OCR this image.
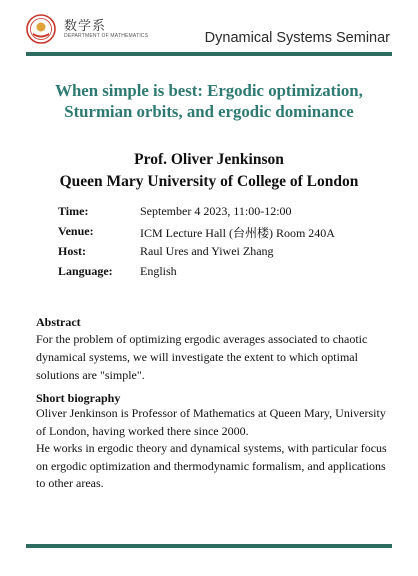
数学系
DEPARTMENT OF MATHEMATICS	Dynamical Systems Seminar
When simple is best: Ergodic optimization,
Sturmian orbits, and ergodic dominance
Prof. Oliver Jenkinson
Queen Mary University of College of London
Time:	September 4 2023, 11:00-12:00
Venue:	ICM Lecture Hall (台州楼) Room 240A
Host:	Raul Ures and Yiwei Zhang
Language: English
Abstract
For the problem of optimizing ergodic averages associated to chaotic dynamical systems, we will investigate the extent to which optimal solutions are "simple".
Short biography

Oliver Jenkinson is Professor of Mathematics at Queen Mary, University of London, having worked there since 2000.

He works in ergodic theory and dynamical systems, with particular focus on ergodic optimization and thermodynamic formalism, and applications to other areas.
